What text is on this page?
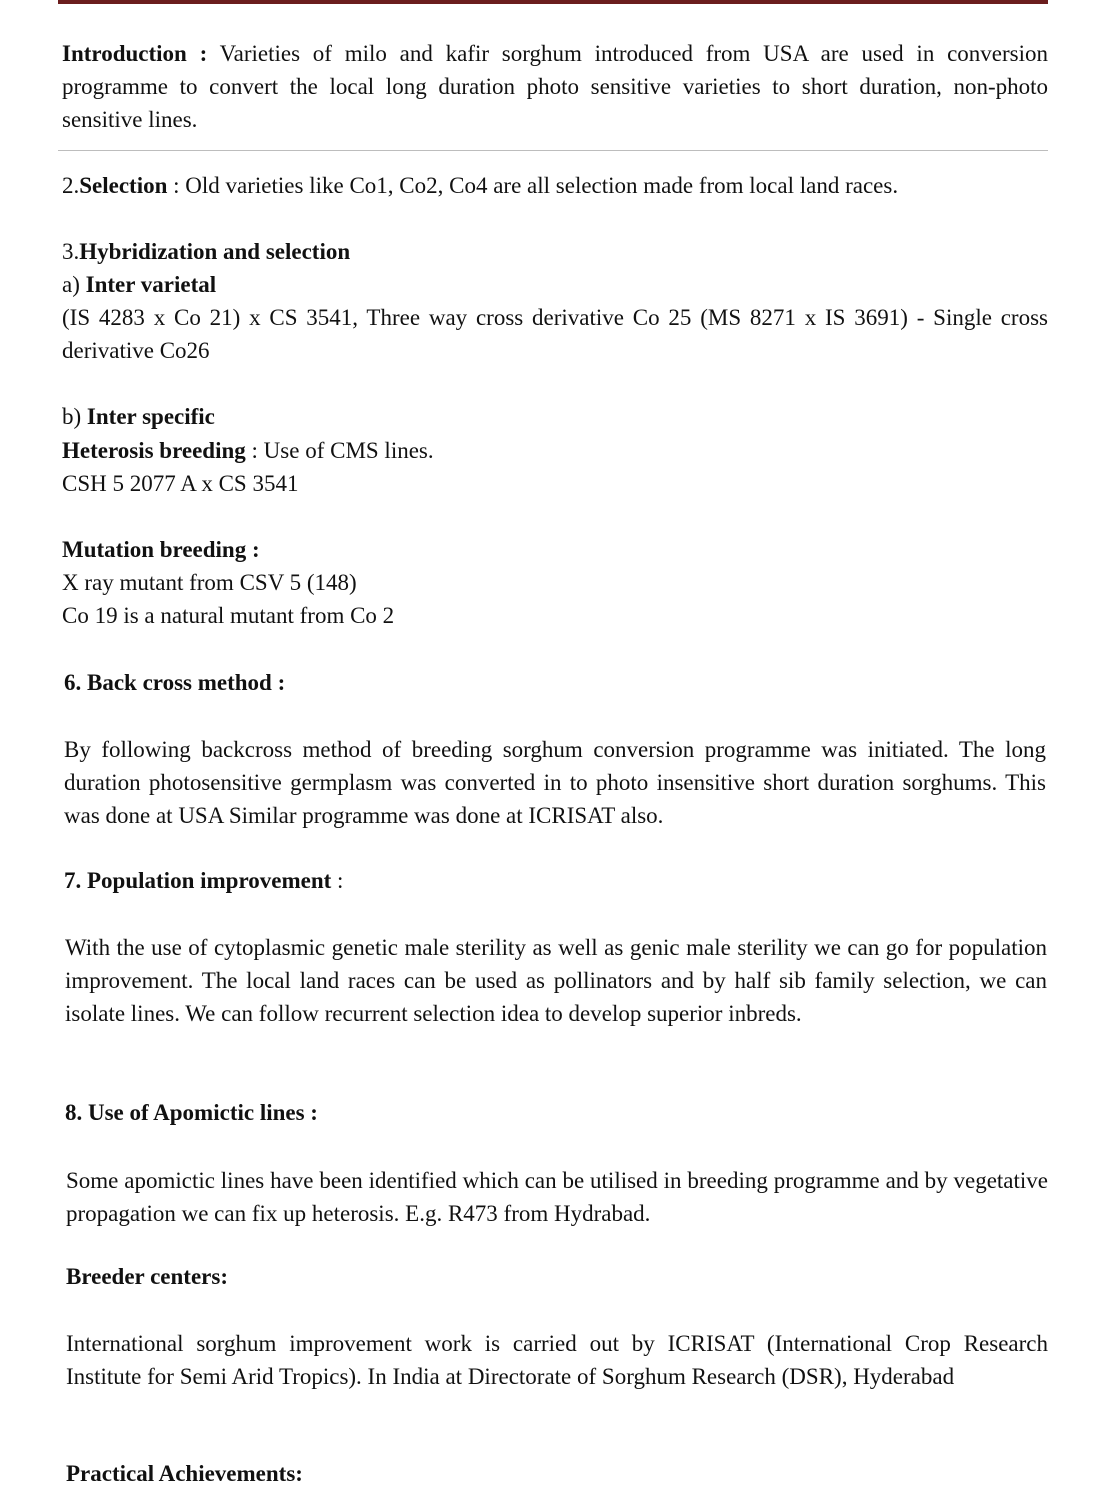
Introduction : Varieties of milo and kafir sorghum introduced from USA are used in conversion programme to convert the local long duration photo sensitive varieties to short duration, non-photo sensitive lines.

2.Selection : Old varieties like Co1, Co2, Co4 are all selection made from local land races.

3.Hybridization and selection

a) Inter varietal

(IS 4283 x Co 21) x CS 3541, Three way cross derivative Co 25 (MS 8271 x IS 3691) - Single cross derivative Co26

b) Inter specific

Heterosis breeding : Use of CMS lines.

CSH 5 2077 A x CS 3541

Mutation breeding :

X ray mutant from CSV 5 (148)

Co 19 is a natural mutant from Co 2

6. Back cross method :

By following backcross method of breeding sorghum conversion programme was initiated. The long duration photosensitive germplasm was converted in to photo insensitive short duration sorghums. This was done at USA Similar programme was done at ICRISAT also.

7. Population improvement :

With the use of cytoplasmic genetic male sterility as well as genic male sterility we can go for population improvement. The local land races can be used as pollinators and by half sib family selection, we can isolate lines. We can follow recurrent selection idea to develop superior inbreds.

8. Use of Apomictic lines :

Some apomictic lines have been identified which can be utilised in breeding programme and by vegetative propagation we can fix up heterosis. E.g. R473 from Hydrabad.

Breeder centers:

International sorghum improvement work is carried out by ICRISAT (International Crop Research Institute for Semi Arid Tropics). In India at Directorate of Sorghum Research (DSR), Hyderabad

Practical Achievements:
